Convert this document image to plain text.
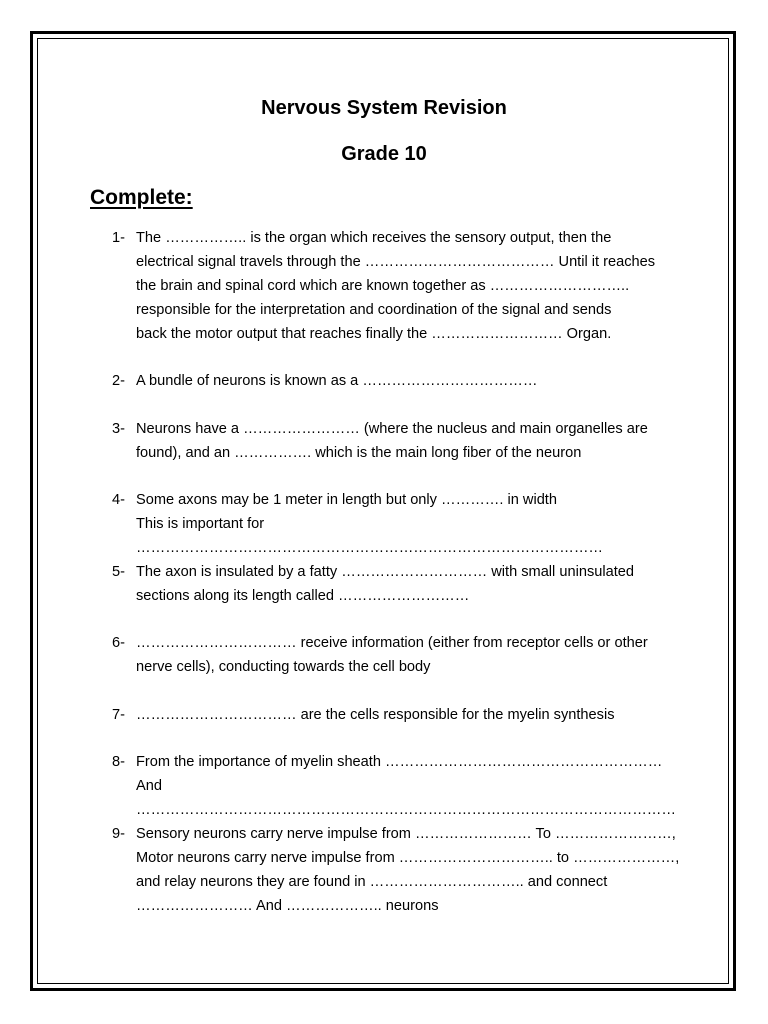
Nervous System Revision
Grade 10
Complete:
1- The …………….. is the organ which receives the sensory output, then the
electrical signal travels through the ………………………………… Until it reaches
the brain and spinal cord which are known together as ………………………..
responsible for the interpretation and coordination of the signal and sends
back the motor output that reaches finally the ……………………… Organ.
2- A bundle of neurons is known as a ………………………………
3- Neurons have a …………………… (where the nucleus and main organelles are
found), and an ……………. which is the main long fiber of the neuron
4- Some axons may be 1 meter in length but only …………. in width
This is important for ……………………………………………………………………………………
5- The axon is insulated by a fatty ………………………… with small uninsulated
sections along its length called ………………………
6- …………………………… receive information (either from receptor cells or other
nerve cells), conducting towards the cell body
7- …………………………… are the cells responsible for the myelin synthesis
8- From the importance of myelin sheath …………………………………………………
And …………………………………………………………………………………………………
9- Sensory neurons carry nerve impulse from …………………… To ……………………,
Motor neurons carry nerve impulse from ………………………….. to …………………,
and relay neurons they are found in ………………………….. and connect
…………………… And ……………….. neurons
